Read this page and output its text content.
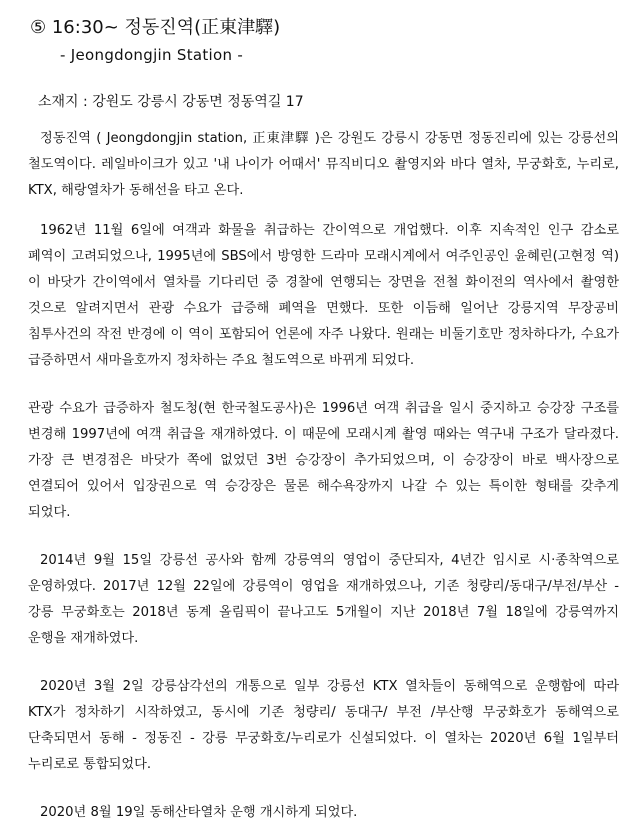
⑤ 16:30~ 정동진역(正東津驛)
- Jeongdongjin Station -
소재지 : 강원도 강릉시 강동면 정동역길 17

정동진역 ( Jeongdongjin station, 正東津驛 )은 강원도 강릉시 강동면 정동진리에 있는 강릉선의 철도역이다. 레일바이크가 있고 '내 나이가 어때서' 뮤직비디오 촬영지와 바다 열차, 무궁화호, 누리로, KTX, 해랑열차가 동해선을 타고 온다.

1962년 11월 6일에 여객과 화물을 취급하는 간이역으로 개업했다. 이후 지속적인 인구 감소로 폐역이 고려되었으나, 1995년에 SBS에서 방영한 드라마 모래시계에서 여주인공인 윤혜린(고현정 역)이 바닷가 간이역에서 열차를 기다리던 중 경찰에 연행되는 장면을 전철 화이전의 역사에서 촬영한 것으로 알려지면서 관광 수요가 급증해 폐역을 면했다. 또한 이듬해 일어난 강릉지역 무장공비 침투사건의 작전 반경에 이 역이 포함되어 언론에 자주 나왔다. 원래는 비둘기호만 정차하다가, 수요가 급증하면서 새마을호까지 정차하는 주요 철도역으로 바뀌게 되었다.

관광 수요가 급증하자 철도청(현 한국철도공사)은 1996년 여객 취급을 일시 중지하고 승강장 구조를 변경해 1997년에 여객 취급을 재개하였다. 이 때문에 모래시계 촬영 때와는 역구내 구조가 달라졌다. 가장 큰 변경점은 바닷가 쪽에 없었던 3번 승강장이 추가되었으며, 이 승강장이 바로 백사장으로 연결되어 있어서 입장권으로 역 승강장은 물론 해수욕장까지 나갈 수 있는 특이한 형태를 갖추게 되었다.

2014년 9월 15일 강릉선 공사와 함께 강릉역의 영업이 중단되자, 4년간 임시로 시·종착역으로 운영하였다. 2017년 12월 22일에 강릉역이 영업을 재개하였으나, 기존 청량리/동대구/부전/부산 - 강릉 무궁화호는 2018년 동계 올림픽이 끝나고도 5개월이 지난 2018년 7월 18일에 강릉역까지 운행을 재개하였다.

2020년 3월 2일 강릉삼각선의 개통으로 일부 강릉선 KTX 열차들이 동해역으로 운행함에 따라 KTX가 정차하기 시작하였고, 동시에 기존 청량리/ 동대구/ 부전 /부산행 무궁화호가 동해역으로 단축되면서 동해 - 정동진 - 강릉 무궁화호/누리로가 신설되었다. 이 열차는 2020년 6월 1일부터 누리로로 통합되었다.

2020년 8월 19일 동해산타열차 운행 개시하게 되었다.
